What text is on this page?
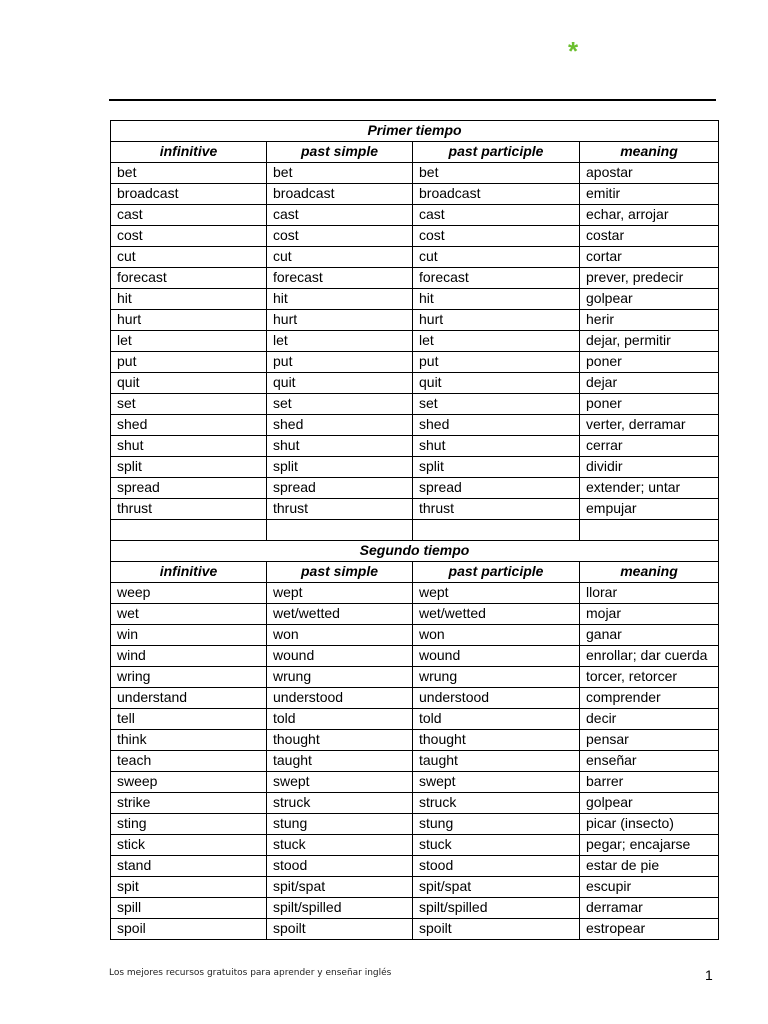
*
Primer tiempo			
infinitive	past simple	past participle	meaning
bet	bet	bet	apostar
broadcast	broadcast	broadcast	emitir
cast	cast	cast	echar, arrojar
cost	cost	cost	costar
cut	cut	cut	cortar
forecast	forecast	forecast	prever, predecir
hit	hit	hit	golpear
hurt	hurt	hurt	herir
let	let	let	dejar, permitir
put	put	put	poner
quit	quit	quit	dejar
set	set	set	poner
shed	shed	shed	verter, derramar
shut	shut	shut	cerrar
split	split	split	dividir
spread	spread	spread	extender; untar
thrust	thrust	thrust	empujar

Segundo tiempo			
infinitive	past simple	past participle	meaning
weep	wept	wept	llorar
wet	wet/wetted	wet/wetted	mojar
win	won	won	ganar
wind	wound	wound	enrollar; dar cuerda
wring	wrung	wrung	torcer, retorcer
understand	understood	understood	comprender
tell	told	told	decir
think	thought	thought	pensar
teach	taught	taught	enseñar
sweep	swept	swept	barrer
strike	struck	struck	golpear
sting	stung	stung	picar (insecto)
stick	stuck	stuck	pegar; encajarse
stand	stood	stood	estar de pie
spit	spit/spat	spit/spat	escupir
spill	spilt/spilled	spilt/spilled	derramar
spoil	spoilt	spoilt	estropear
Los mejores recursos gratuitos para aprender y enseñar inglés	1
